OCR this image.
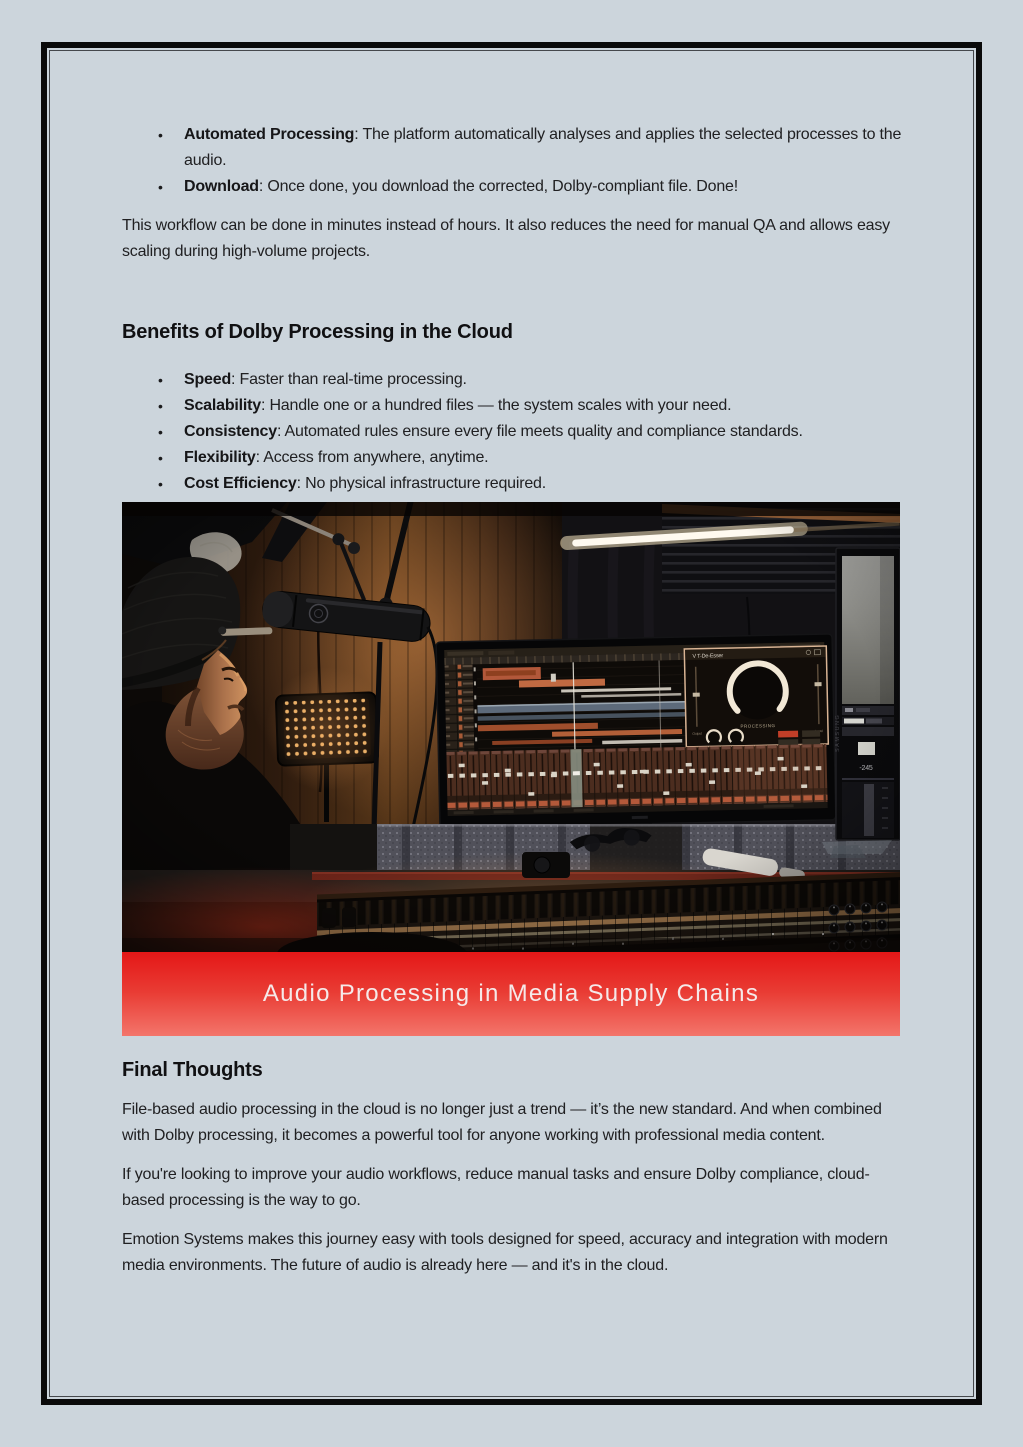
•	Automated Processing: The platform automatically analyses and applies the selected processes to the audio.
•	Download: Once done, you download the corrected, Dolby-compliant file. Done!

This workflow can be done in minutes instead of hours. It also reduces the need for manual QA and allows easy scaling during high-volume projects.

Benefits of Dolby Processing in the Cloud
•	Speed: Faster than real-time processing.
•	Scalability: Handle one or a hundred files — the system scales with your need.
•	Consistency: Automated rules ensure every file meets quality and compliance standards.
•	Flexibility: Access from anywhere, anytime.
•	Cost Efficiency: No physical infrastructure required.
Audio Processing in Media Supply Chains
Final Thoughts

File-based audio processing in the cloud is no longer just a trend — it’s the new standard. And when combined with Dolby processing, it becomes a powerful tool for anyone working with professional media content.

If you're looking to improve your audio workflows, reduce manual tasks and ensure Dolby compliance, cloud-based processing is the way to go.

Emotion Systems makes this journey easy with tools designed for speed, accuracy and integration with modern media environments. The future of audio is already here — and it's in the cloud.
